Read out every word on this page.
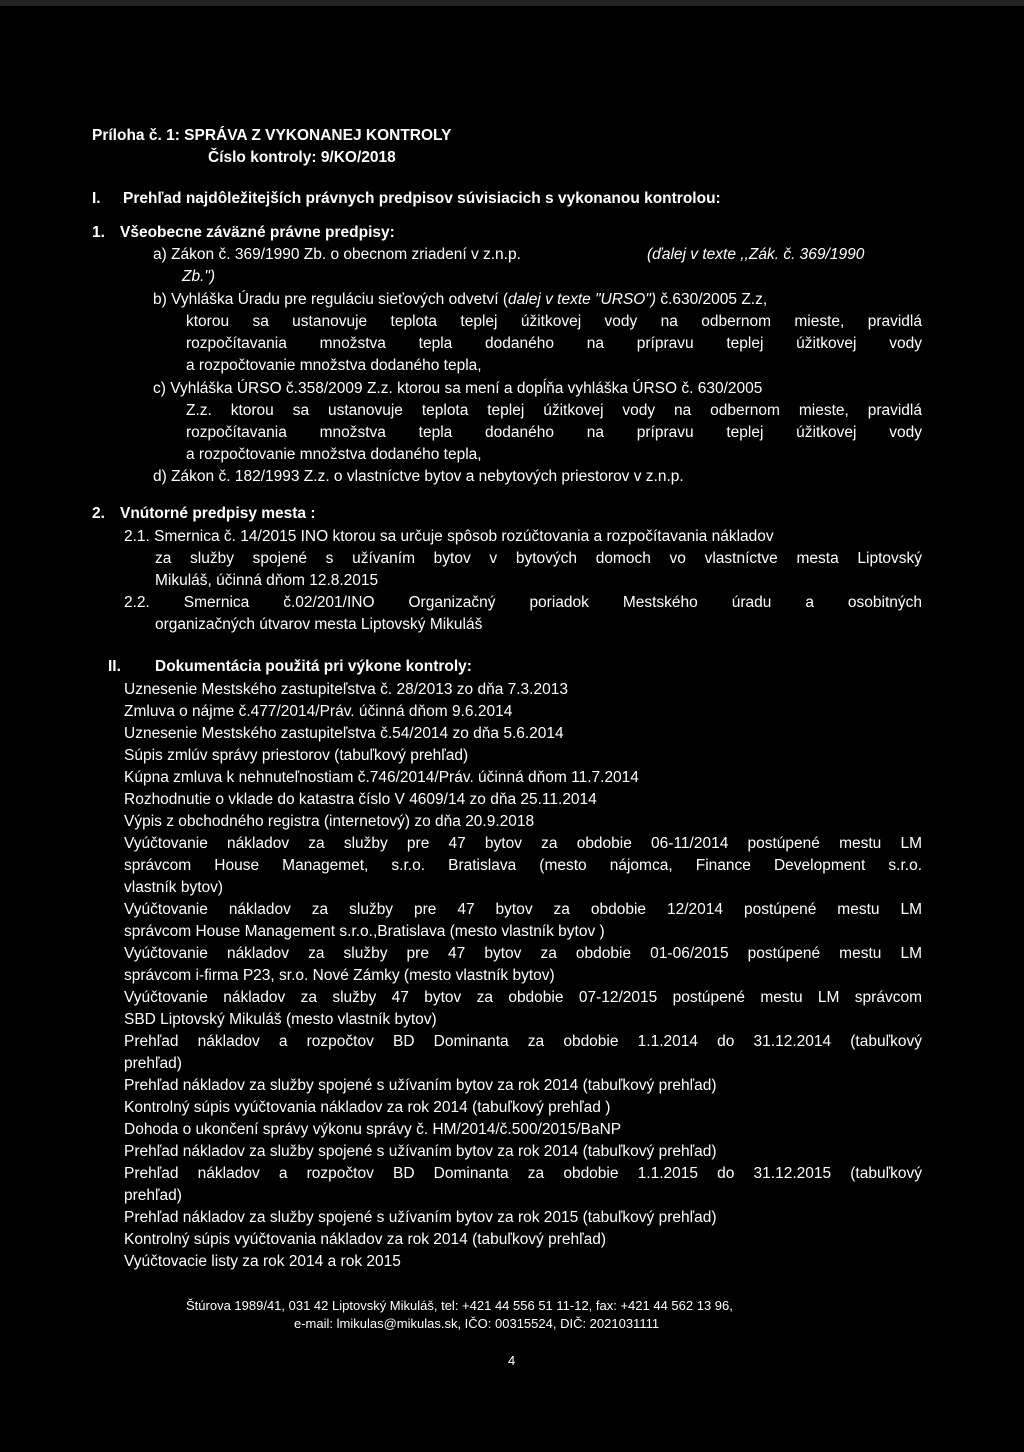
Príloha č. 1: SPRÁVA Z VYKONANEJ KONTROLY
Číslo kontroly: 9/KO/2018
I. Prehľad najdôležitejších právnych predpisov súvisiacich s vykonanou kontrolou:
1. Všeobecne záväzné právne predpisy:
a) Zákon č. 369/1990 Zb. o obecnom zriadení v z.n.p.	(ďalej v texte ,,Zák. č. 369/1990
Zb.")
b) Vyhláška Úradu pre reguláciu sieťových odvetví (dalej v texte "URSO") č.630/2005 Z.z,
ktorou sa ustanovuje teplota teplej úžitkovej vody na odbernom mieste, pravidlá
rozpočítavania množstva tepla dodaného na prípravu teplej úžitkovej vody
a rozpočtovanie množstva dodaného tepla,
c) Vyhláška ÚRSO č.358/2009 Z.z. ktorou sa mení a dopĺňa vyhláška ÚRSO č. 630/2005
Z.z. ktorou sa ustanovuje teplota teplej úžitkovej vody na odbernom mieste, pravidlá
rozpočítavania množstva tepla dodaného na prípravu teplej úžitkovej vody
a rozpočtovanie množstva dodaného tepla,
d) Zákon č. 182/1993 Z.z. o vlastníctve bytov a nebytových priestorov v z.n.p.
2. Vnútorné predpisy mesta :
2.1. Smernica č. 14/2015 INO ktorou sa určuje spôsob rozúčtovania a rozpočítavania nákladov
za služby spojené s užívaním bytov v bytových domoch vo vlastníctve mesta Liptovský
Mikuláš, účinná dňom 12.8.2015
2.2. Smernica č.02/201/INO Organizačný poriadok Mestského úradu a osobitných
organizačných útvarov mesta Liptovský Mikuláš
II. Dokumentácia použitá pri výkone kontroly:
Uznesenie Mestského zastupiteľstva č. 28/2013 zo dňa 7.3.2013
Zmluva o nájme č.477/2014/Práv. účinná dňom 9.6.2014
Uznesenie Mestského zastupiteľstva č.54/2014 zo dňa 5.6.2014
Súpis zmlúv správy priestorov (tabuľkový prehľad)
Kúpna zmluva k nehnuteľnostiam č.746/2014/Práv. účinná dňom 11.7.2014
Rozhodnutie o vklade do katastra číslo V 4609/14 zo dňa 25.11.2014
Výpis z obchodného registra (internetový) zo dňa 20.9.2018
Vyúčtovanie nákladov za služby pre 47 bytov za obdobie 06-11/2014 postúpené mestu LM
správcom House Managemet, s.r.o. Bratislava (mesto nájomca, Finance Development s.r.o.
vlastník bytov)
Vyúčtovanie nákladov za služby pre 47 bytov za obdobie 12/2014 postúpené mestu LM
správcom House Management s.r.o.,Bratislava (mesto vlastník bytov )
Vyúčtovanie nákladov za služby pre 47 bytov za obdobie 01-06/2015 postúpené mestu LM
správcom i-firma P23, sr.o. Nové Zámky (mesto vlastník bytov)
Vyúčtovanie nákladov za služby 47 bytov za obdobie 07-12/2015 postúpené mestu LM správcom
SBD Liptovský Mikuláš (mesto vlastník bytov)
Prehľad nákladov a rozpočtov BD Dominanta za obdobie 1.1.2014 do 31.12.2014 (tabuľkový
prehľad)
Prehľad nákladov za služby spojené s užívaním bytov za rok 2014 (tabuľkový prehľad)
Kontrolný súpis vyúčtovania nákladov za rok 2014 (tabuľkový prehľad )
Dohoda o ukončení správy výkonu správy č. HM/2014/č.500/2015/BaNP
Prehľad nákladov za služby spojené s užívaním bytov za rok 2014 (tabuľkový prehľad)
Prehľad nákladov a rozpočtov BD Dominanta za obdobie 1.1.2015 do 31.12.2015 (tabuľkový
prehľad)
Prehľad nákladov za služby spojené s užívaním bytov za rok 2015 (tabuľkový prehľad)
Kontrolný súpis vyúčtovania nákladov za rok 2014 (tabuľkový prehľad)
Vyúčtovacie listy za rok 2014 a rok 2015
Štúrova 1989/41, 031 42 Liptovský Mikuláš, tel: +421 44 556 51 11-12, fax: +421 44 562 13 96,
e-mail: lmikulas@mikulas.sk, IČO: 00315524, DIČ: 2021031111
4
